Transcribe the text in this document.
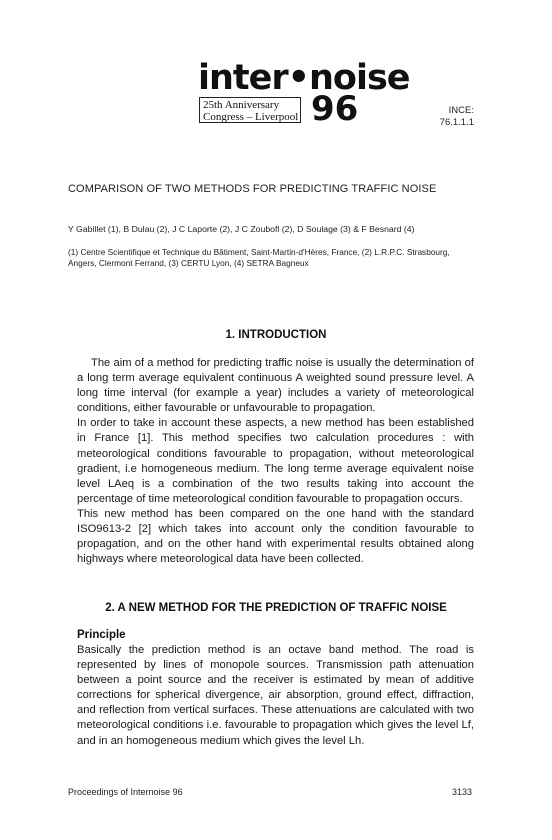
inter•noise
25th Anniversary
Congress – Liverpool 96	INCE:
76.1.1.1
COMPARISON OF TWO METHODS FOR PREDICTING TRAFFIC NOISE
Y Gabillet (1), B Dulau (2), J C Laporte (2), J C Zoubofl (2), D Soulage (3) & F Besnard (4)
(1) Centre Scientifique et Technique du Bâtiment, Saint-Martin-d'Hères, France, (2) L.R.P.C. Strasbourg, Angers, Clermont Ferrand, (3) CERTU Lyon, (4) SETRA Bagneux
1. INTRODUCTION

The aim of a method for predicting traffic noise is usually the determination of a long term average equivalent continuous A weighted sound pressure level. A long time interval (for example a year) includes a variety of meteorological conditions, either favourable or unfavourable to propagation.

In order to take in account these aspects, a new method has been established in France [1]. This method specifies two calculation procedures : with meteorological conditions favourable to propagation, without meteorological gradient, i.e homogeneous medium. The long terme average equivalent noise level LAeq is a combination of the two results taking into account the percentage of time meteorological condition favourable to propagation occurs.

This new method has been compared on the one hand with the standard ISO9613-2 [2] which takes into account only the condition favourable to propagation, and on the other hand with experimental results obtained along highways where meteorological data have been collected.

2. A NEW METHOD FOR THE PREDICTION OF TRAFFIC NOISE
Principle

Basically the prediction method is an octave band method. The road is represented by lines of monopole sources. Transmission path attenuation between a point source and the receiver is estimated by mean of additive corrections for spherical divergence, air absorption, ground effect, diffraction, and reflection from vertical surfaces. These attenuations are calculated with two meteorological conditions i.e. favourable to propagation which gives the level Lf, and in an homogeneous medium which gives the level Lh.

Proceedings of Internoise 96	3133
